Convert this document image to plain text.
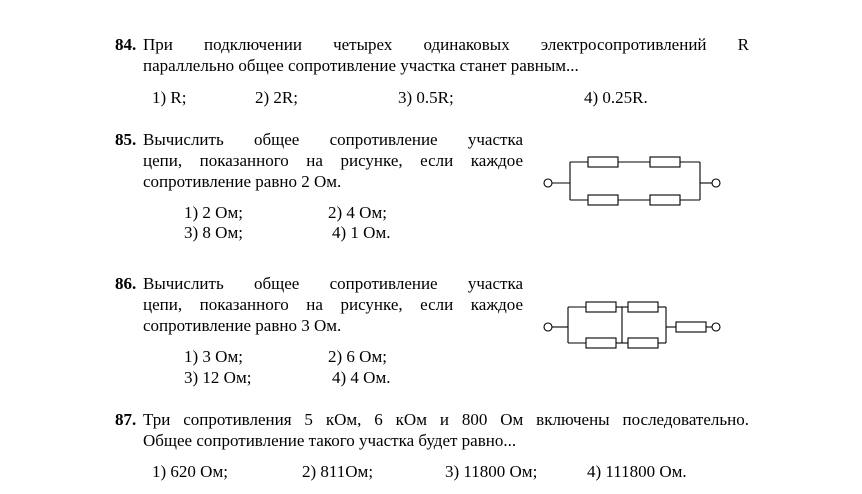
84. При подключении четырех одинаковых электросопротивлений R
параллельно общее сопротивление участка станет равным...
1) R;	2) 2R;	3) 0.5R;	4) 0.25R.
85. Вычислить общее сопротивление участка
цепи, показанного на рисунке, если каждое
сопротивление равно 2 Ом.
1) 2 Ом;	2) 4 Ом;
3) 8 Ом;	4) 1 Ом.
86. Вычислить общее сопротивление участка
цепи, показанного на рисунке, если каждое
сопротивление равно 3 Ом.
1) 3 Ом;	2) 6 Ом;
3) 12 Ом;	4) 4 Ом.
87. Три сопротивления 5 кОм, 6 кОм и 800 Ом включены последовательно.
Общее сопротивление такого участка будет равно...
1) 620 Ом;	2) 811Ом;	3) 11800 Ом;	4) 111800 Ом.
